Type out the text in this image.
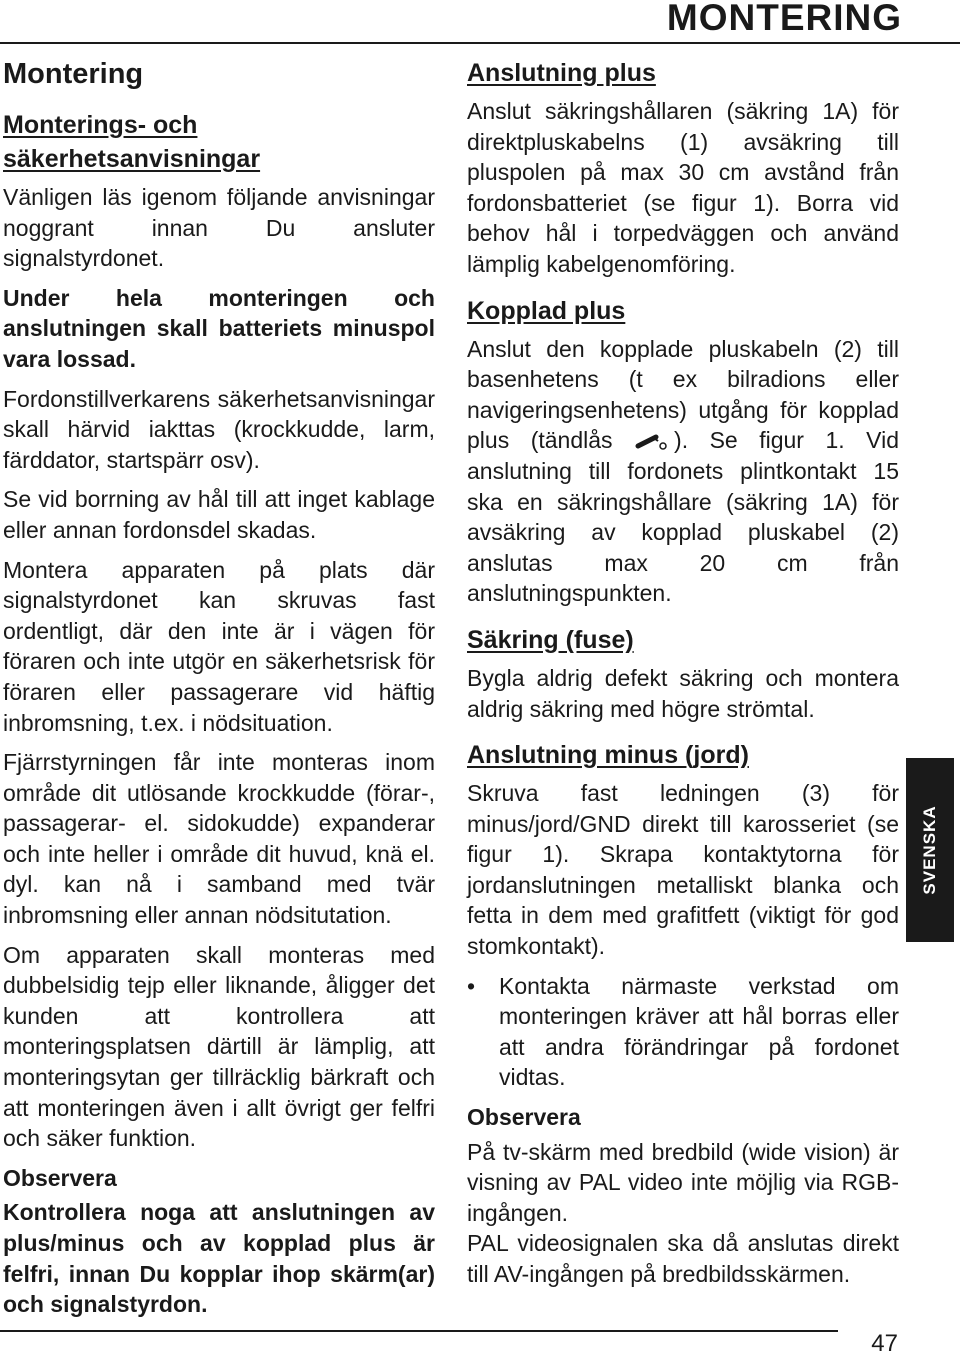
MONTERING
Montering
Monterings- och säkerhetsanvisningar

Vänligen läs igenom följande anvisningar noggrant innan Du ansluter signalstyrdonet.

Under hela monteringen och anslutningen skall batteriets minuspol vara lossad.

Fordonstillverkarens säkerhetsanvisningar skall härvid iakttas (krockkudde, larm, färddator, startspärr osv).

Se vid borrning av hål till att inget kablage eller annan fordonsdel skadas.

Montera apparaten på plats där signalstyrdonet kan skruvas fast ordentligt, där den inte är i vägen för föraren och inte utgör en säkerhetsrisk för föraren eller passagerare vid häftig inbromsning, t.ex. i nödsituation.

Fjärrstyrningen får inte monteras inom område dit utlösande krockkudde (förar-, passagerar- el. sidokudde) expanderar och inte heller i område dit huvud, knä el. dyl. kan nå i samband med tvär inbromsning eller annan nödsitutation.

Om apparaten skall monteras med dubbelsidig tejp eller liknande, åligger det kunden att kontrollera att monteringsplatsen därtill är lämplig, att monteringsytan ger tillräcklig bärkraft och att monteringen även i allt övrigt ger felfri och säker funktion.

Observera

Kontrollera noga att anslutningen av plus/minus och av kopplad plus är felfri, innan Du kopplar ihop skärm(ar) och signalstyrdon.

Anslutning plus

Anslut säkringshållaren (säkring 1A) för direktpluskabelns (1) avsäkring till pluspolen på max 30 cm avstånd från fordonsbatteriet (se figur 1). Borra vid behov hål i torpedväggen och använd lämplig kabelgenomföring.

Kopplad plus

Anslut den kopplade pluskabeln (2) till basenhetens (t ex bilradions eller navigeringsenhetens) utgång för kopplad plus (tändlås ). Se figur 1. Vid anslutning till fordonets plintkontakt 15 ska en säkringshållare (säkring 1A) för avsäkring av kopplad pluskabel (2) anslutas max 20 cm från anslutningspunkten.

Säkring (fuse)

Bygla aldrig defekt säkring och montera aldrig säkring med högre strömtal.

Anslutning minus (jord)

Skruva fast ledningen (3) för minus/jord/GND direkt till karosseriet (se figur 1). Skrapa kontaktytorna för jordanslutningen metalliskt blanka och fetta in dem med grafitfett (viktigt för god stomkontakt).

•	Kontakta närmaste verkstad om monteringen kräver att hål borras eller att andra förändringar på fordonet vidtas.
Observera

På tv-skärm med bredbild (wide vision) är visning av PAL video inte möjlig via RGB-ingången.

PAL videosignalen ska då anslutas direkt till AV-ingången på bredbildsskärmen.

SVENSKA
47
